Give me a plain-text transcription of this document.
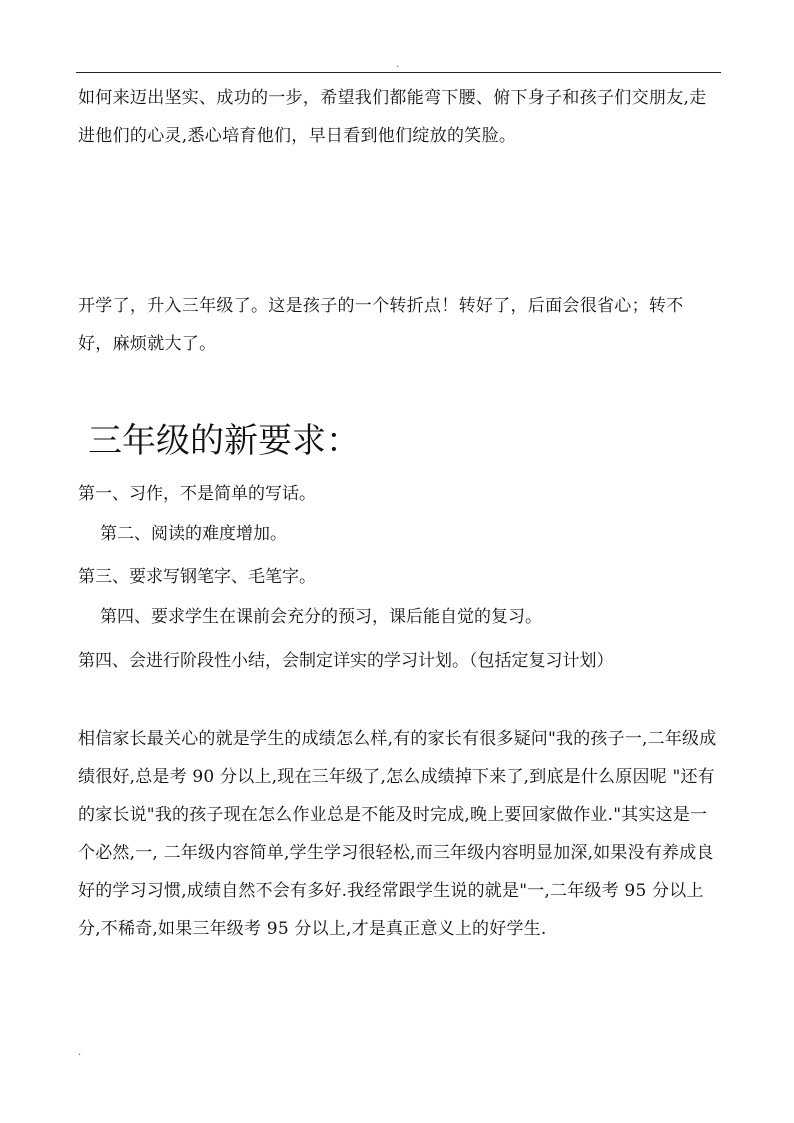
.

如何来迈出坚实、成功的一步，希望我们都能弯下腰、俯下身子和孩子们交朋友,走进他们的心灵,悉心培育他们，早日看到他们绽放的笑脸。

开学了，升入三年级了。这是孩子的一个转折点！转好了，后面会很省心；转不好，麻烦就大了。

三年级的新要求：

第一、习作，不是简单的写话。

第二、阅读的难度增加。

第三、要求写钢笔字、毛笔字。

第四、要求学生在课前会充分的预习，课后能自觉的复习。

第四、会进行阶段性小结，会制定详实的学习计划。（包括定复习计划）

相信家长最关心的就是学生的成绩怎么样,有的家长有很多疑问"我的孩子一,二年级成绩很好,总是考 90 分以上,现在三年级了,怎么成绩掉下来了,到底是什么原因呢 "还有的家长说"我的孩子现在怎么作业总是不能及时完成,晚上要回家做作业."其实这是一个必然,一, 二年级内容简单,学生学习很轻松,而三年级内容明显加深,如果没有养成良好的学习习惯,成绩自然不会有多好.我经常跟学生说的就是"一,二年级考 95 分以上分,不稀奇,如果三年级考 95 分以上,才是真正意义上的好学生.

.
